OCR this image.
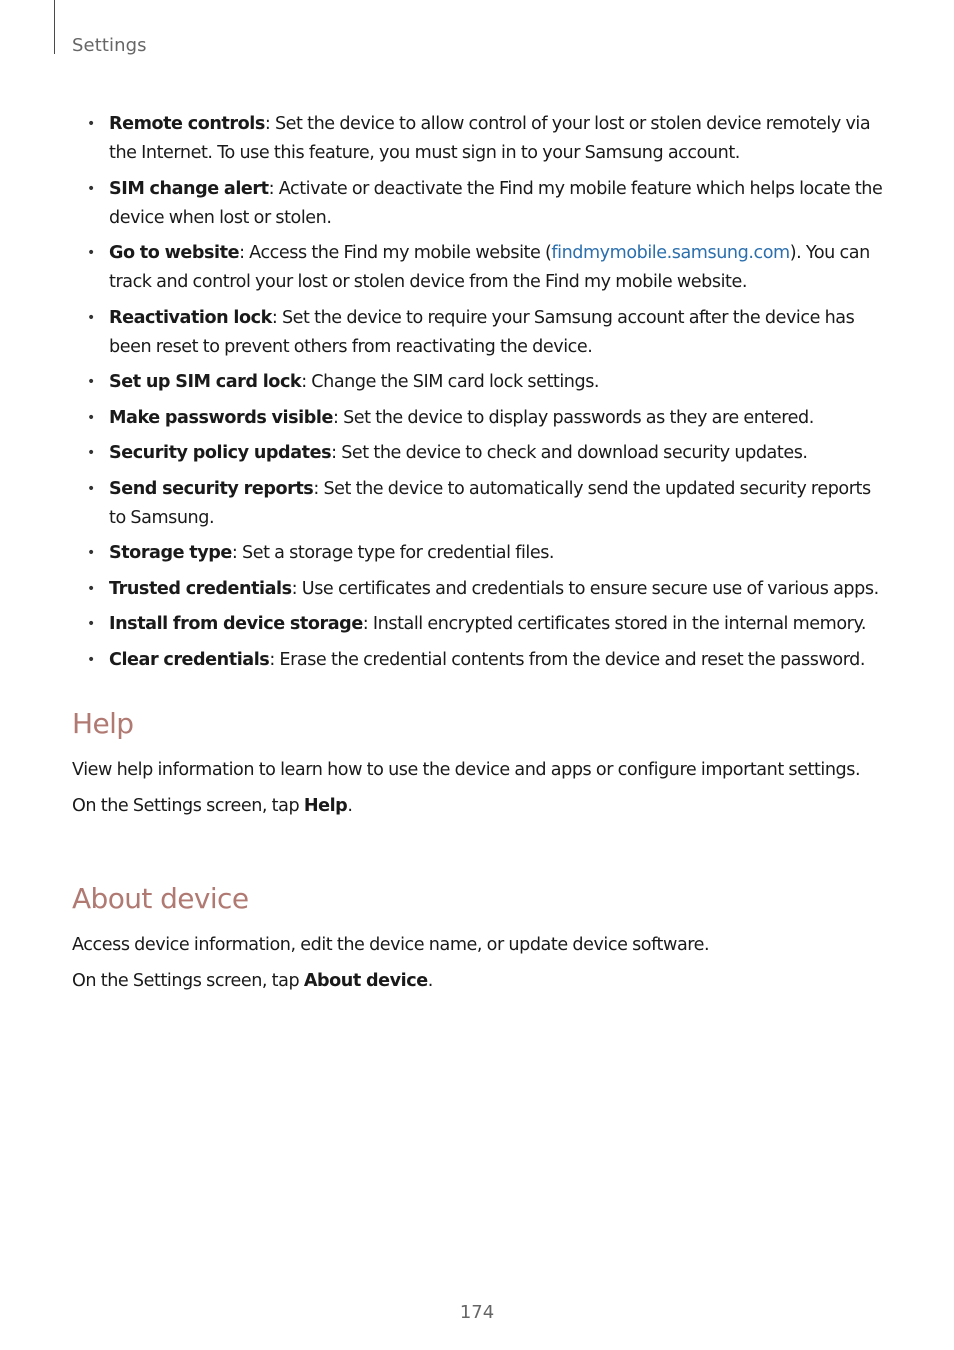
Settings
• Remote controls: Set the device to allow control of your lost or stolen device remotely via the Internet. To use this feature, you must sign in to your Samsung account.
• SIM change alert: Activate or deactivate the Find my mobile feature which helps locate the device when lost or stolen.
• Go to website: Access the Find my mobile website (findmymobile.samsung.com). You can track and control your lost or stolen device from the Find my mobile website.
• Reactivation lock: Set the device to require your Samsung account after the device has been reset to prevent others from reactivating the device.
• Set up SIM card lock: Change the SIM card lock settings.
• Make passwords visible: Set the device to display passwords as they are entered.
• Security policy updates: Set the device to check and download security updates.
• Send security reports: Set the device to automatically send the updated security reports to Samsung.
• Storage type: Set a storage type for credential files.
• Trusted credentials: Use certificates and credentials to ensure secure use of various apps.
• Install from device storage: Install encrypted certificates stored in the internal memory.
• Clear credentials: Erase the credential contents from the device and reset the password.
Help

View help information to learn how to use the device and apps or configure important settings.

On the Settings screen, tap Help.

About device

Access device information, edit the device name, or update device software.

On the Settings screen, tap About device.

174
